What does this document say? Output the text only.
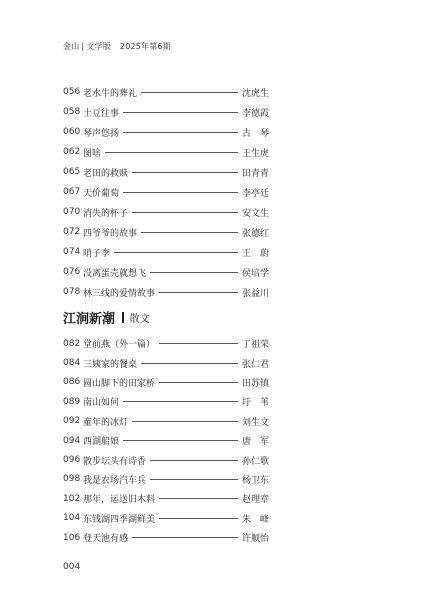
金山 | 文学版 2025年第6期
056 老水牛的葬礼	沈虎生
058 土豆往事	李德霞
060 琴声悠扬	古　琴
062 图啥	王生虎
065 老田的救赎	田青青
067 天价葡萄	李亭廷
070 消失的杯子	安文生
072 四爷爷的故事	张德红
074 哨子李	王　蔚
076 没离蛋壳就想飞	侯培学
078 林三线的爱情故事	张益川
江涧新潮 散文
082 堂前燕（外一篇）	丁祖荣
084 三姨家的餐桌	张仁君
086 圆山脚下的田家桥	田苏镇
089 南山如何	圩　苇
092 童年的冰灯	刘生文
094 西湖船娘	唐　军
096 散步坛头有诗香	孙仁歌
098 我是农场汽车兵	杨卫东
102 那年，运送旧木料	赵理章
104 东钱湖四季湖鲜美	朱　峰
106 登天池有感	许顺怡
004
